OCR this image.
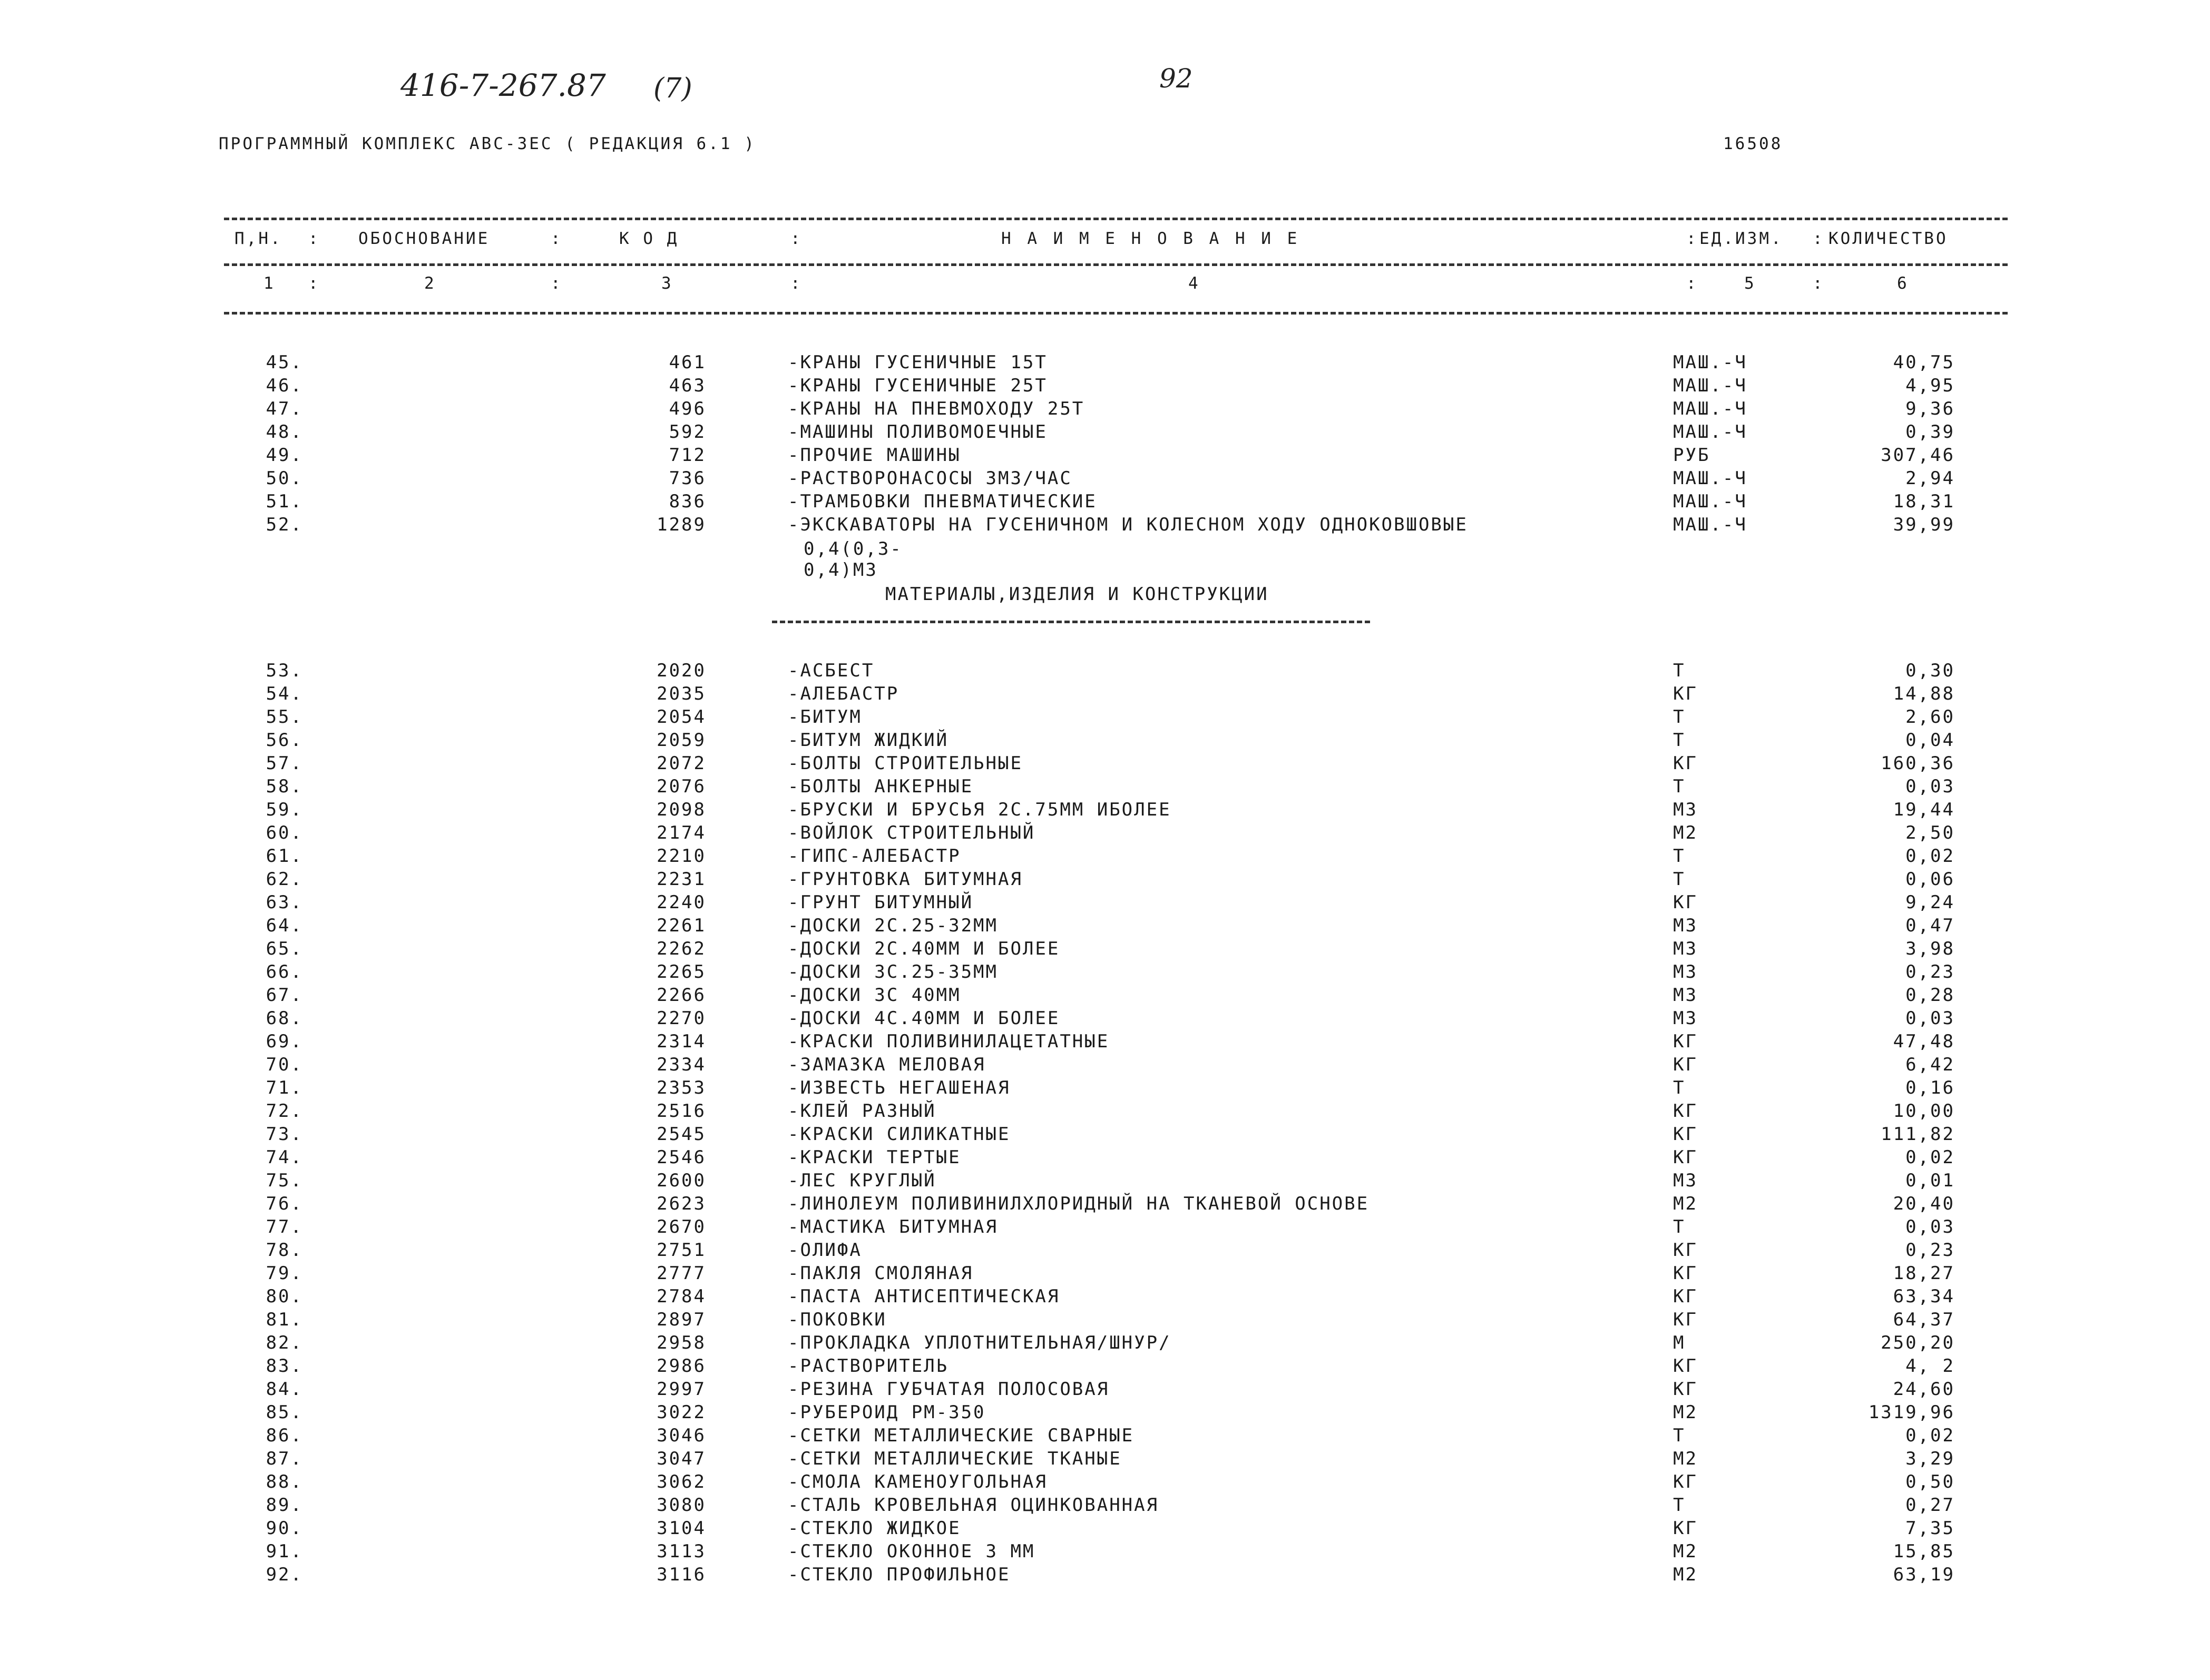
416-7-267.87 (7)	92
ПРОГРАММНЫЙ КОМПЛЕКС АВС-3ЕС ( РЕДАКЦИЯ 6.1 )	16508
П,Н. : ОБОСНОВАНИЕ	:	К О Д	:	Н А И М Е Н О В А Н И Е	: ЕД.ИЗМ. : КОЛИЧЕСТВО
1 :	2	:	3	:	4	:	5	:	6
45.	461	-КРАНЫ ГУСЕНИЧНЫЕ 15Т	МАШ.-Ч	40,75
46.	463	-КРАНЫ ГУСЕНИЧНЫЕ 25Т	МАШ.-Ч	4,95
47.	496	-КРАНЫ НА ПНЕВМОХОДУ 25Т	МАШ.-Ч	9,36
48.	592	-МАШИНЫ ПОЛИВОМОЕЧНЫЕ	МАШ.-Ч	0,39
49.	712	-ПРОЧИЕ МАШИНЫ	РУБ	307,46
50.	736	-РАСТВОРОНАСОСЫ 3М3/ЧАС	МАШ.-Ч	2,94
51.	836	-ТРАМБОВКИ ПНЕВМАТИЧЕСКИЕ	МАШ.-Ч	18,31
52.	1289	-ЭКСКАВАТОРЫ НА ГУСЕНИЧНОМ И КОЛЕСНОМ ХОДУ ОДНОКОВШОВЫЕ	МАШ.-Ч	39,99
0,4(0,3-0,4)М3
МАТЕРИАЛЫ,ИЗДЕЛИЯ И КОНСТРУКЦИИ
53.	2020	-АСБЕСТ	Т	0,30
54.	2035	-АЛЕБАСТР	КГ	14,88
55.	2054	-БИТУМ	Т	2,60
56.	2059	-БИТУМ ЖИДКИЙ	Т	0,04
57.	2072	-БОЛТЫ СТРОИТЕЛЬНЫЕ	КГ	160,36
58.	2076	-БОЛТЫ АНКЕРНЫЕ	Т	0,03
59.	2098	-БРУСКИ И БРУСЬЯ 2С.75ММ ИБОЛЕЕ	М3	19,44
60.	2174	-ВОЙЛОК СТРОИТЕЛЬНЫЙ	М2	2,50
61.	2210	-ГИПС-АЛЕБАСТР	Т	0,02
62.	2231	-ГРУНТОВКА БИТУМНАЯ	Т	0,06
63.	2240	-ГРУНТ БИТУМНЫЙ	КГ	9,24
64.	2261	-ДОСКИ 2С.25-32ММ	М3	0,47
65.	2262	-ДОСКИ 2С.40ММ И БОЛЕЕ	М3	3,98
66.	2265	-ДОСКИ 3С.25-35ММ	М3	0,23
67.	2266	-ДОСКИ 3С 40ММ	М3	0,28
68.	2270	-ДОСКИ 4С.40ММ И БОЛЕЕ	М3	0,03
69.	2314	-КРАСКИ ПОЛИВИНИЛАЦЕТАТНЫЕ	КГ	47,48
70.	2334	-ЗАМАЗКА МЕЛОВАЯ	КГ	6,42
71.	2353	-ИЗВЕСТЬ НЕГАШЕНАЯ	Т	0,16
72.	2516	-КЛЕЙ РАЗНЫЙ	КГ	10,00
73.	2545	-КРАСКИ СИЛИКАТНЫЕ	КГ	111,82
74.	2546	-КРАСКИ ТЕРТЫЕ	КГ	0,02
75.	2600	-ЛЕС КРУГЛЫЙ	М3	0,01
76.	2623	-ЛИНОЛЕУМ ПОЛИВИНИЛХЛОРИДНЫЙ НА ТКАНЕВОЙ ОСНОВЕ	М2	20,40
77.	2670	-МАСТИКА БИТУМНАЯ	Т	0,03
78.	2751	-ОЛИФА	КГ	0,23
79.	2777	-ПАКЛЯ СМОЛЯНАЯ	КГ	18,27
80.	2784	-ПАСТА АНТИСЕПТИЧЕСКАЯ	КГ	63,34
81.	2897	-ПОКОВКИ	КГ	64,37
82.	2958	-ПРОКЛАДКА УПЛОТНИТЕЛЬНАЯ/ШНУР/	М	250,20
83.	2986	-РАСТВОРИТЕЛЬ	КГ	4, 2
84.	2997	-РЕЗИНА ГУБЧАТАЯ ПОЛОСОВАЯ	КГ	24,60
85.	3022	-РУБЕРОИД РМ-350	М2	1319,96
86.	3046	-СЕТКИ МЕТАЛЛИЧЕСКИЕ СВАРНЫЕ	Т	0,02
87.	3047	-СЕТКИ МЕТАЛЛИЧЕСКИЕ ТКАНЫЕ	М2	3,29
88.	3062	-СМОЛА КАМЕНОУГОЛЬНАЯ	КГ	0,50
89.	3080	-СТАЛЬ КРОВЕЛЬНАЯ ОЦИНКОВАННАЯ	Т	0,27
90.	3104	-СТЕКЛО ЖИДКОЕ	КГ	7,35
91.	3113	-СТЕКЛО ОКОННОЕ 3 ММ	М2	15,85
92.	3116	-СТЕКЛО ПРОФИЛЬНОЕ	М2	63,19
